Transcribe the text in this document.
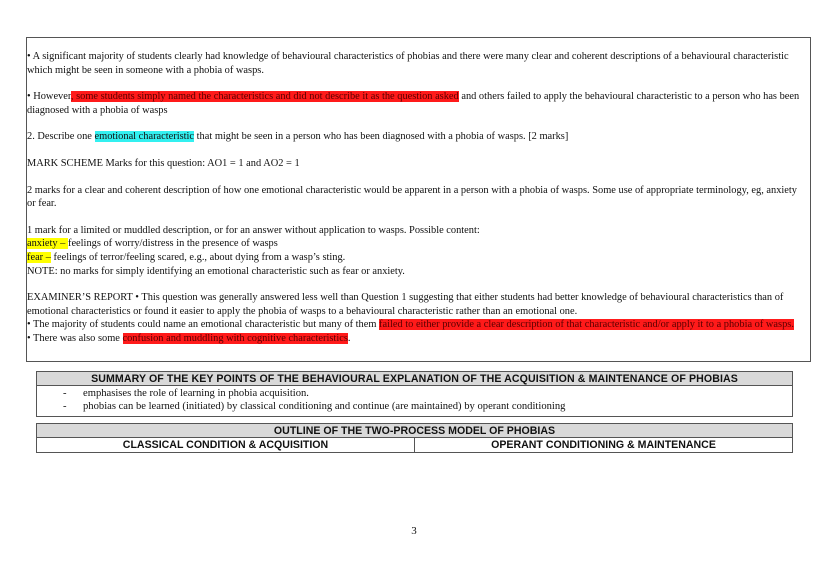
• A significant majority of students clearly had knowledge of behavioural characteristics of phobias and there were many clear and coherent descriptions of a behavioural characteristic which might be seen in someone with a phobia of wasps.

• However, some students simply named the characteristics and did not describe it as the question asked and others failed to apply the behavioural characteristic to a person who has been diagnosed with a phobia of wasps

2. Describe one emotional characteristic that might be seen in a person who has been diagnosed with a phobia of wasps. [2 marks]

MARK SCHEME Marks for this question: AO1 = 1 and AO2 = 1

2 marks for a clear and coherent description of how one emotional characteristic would be apparent in a person with a phobia of wasps. Some use of appropriate terminology, eg, anxiety or fear.

1 mark for a limited or muddled description, or for an answer without application to wasps. Possible content:

anxiety – feelings of worry/distress in the presence of wasps

fear – feelings of terror/feeling scared, e.g., about dying from a wasp’s sting.

NOTE: no marks for simply identifying an emotional characteristic such as fear or anxiety.

EXAMINER’S REPORT • This question was generally answered less well than Question 1 suggesting that either students had better knowledge of behavioural characteristics than of emotional characteristics or found it easier to apply the phobia of wasps to a behavioural characteristic rather than an emotional one.

• The majority of students could name an emotional characteristic but many of them failed to either provide a clear description of that characteristic and/or apply it to a phobia of wasps.

• There was also some confusion and muddling with cognitive characteristics.

SUMMARY OF THE KEY POINTS OF THE BEHAVIOURAL EXPLANATION OF THE ACQUISITION & MAINTENANCE OF PHOBIAS
- emphasises the role of learning in phobia acquisition.
- phobias can be learned (initiated) by classical conditioning and continue (are maintained) by operant conditioning
OUTLINE OF THE TWO-PROCESS MODEL OF PHOBIAS
CLASSICAL CONDITION & ACQUISITION	OPERANT CONDITIONING & MAINTENANCE
3
